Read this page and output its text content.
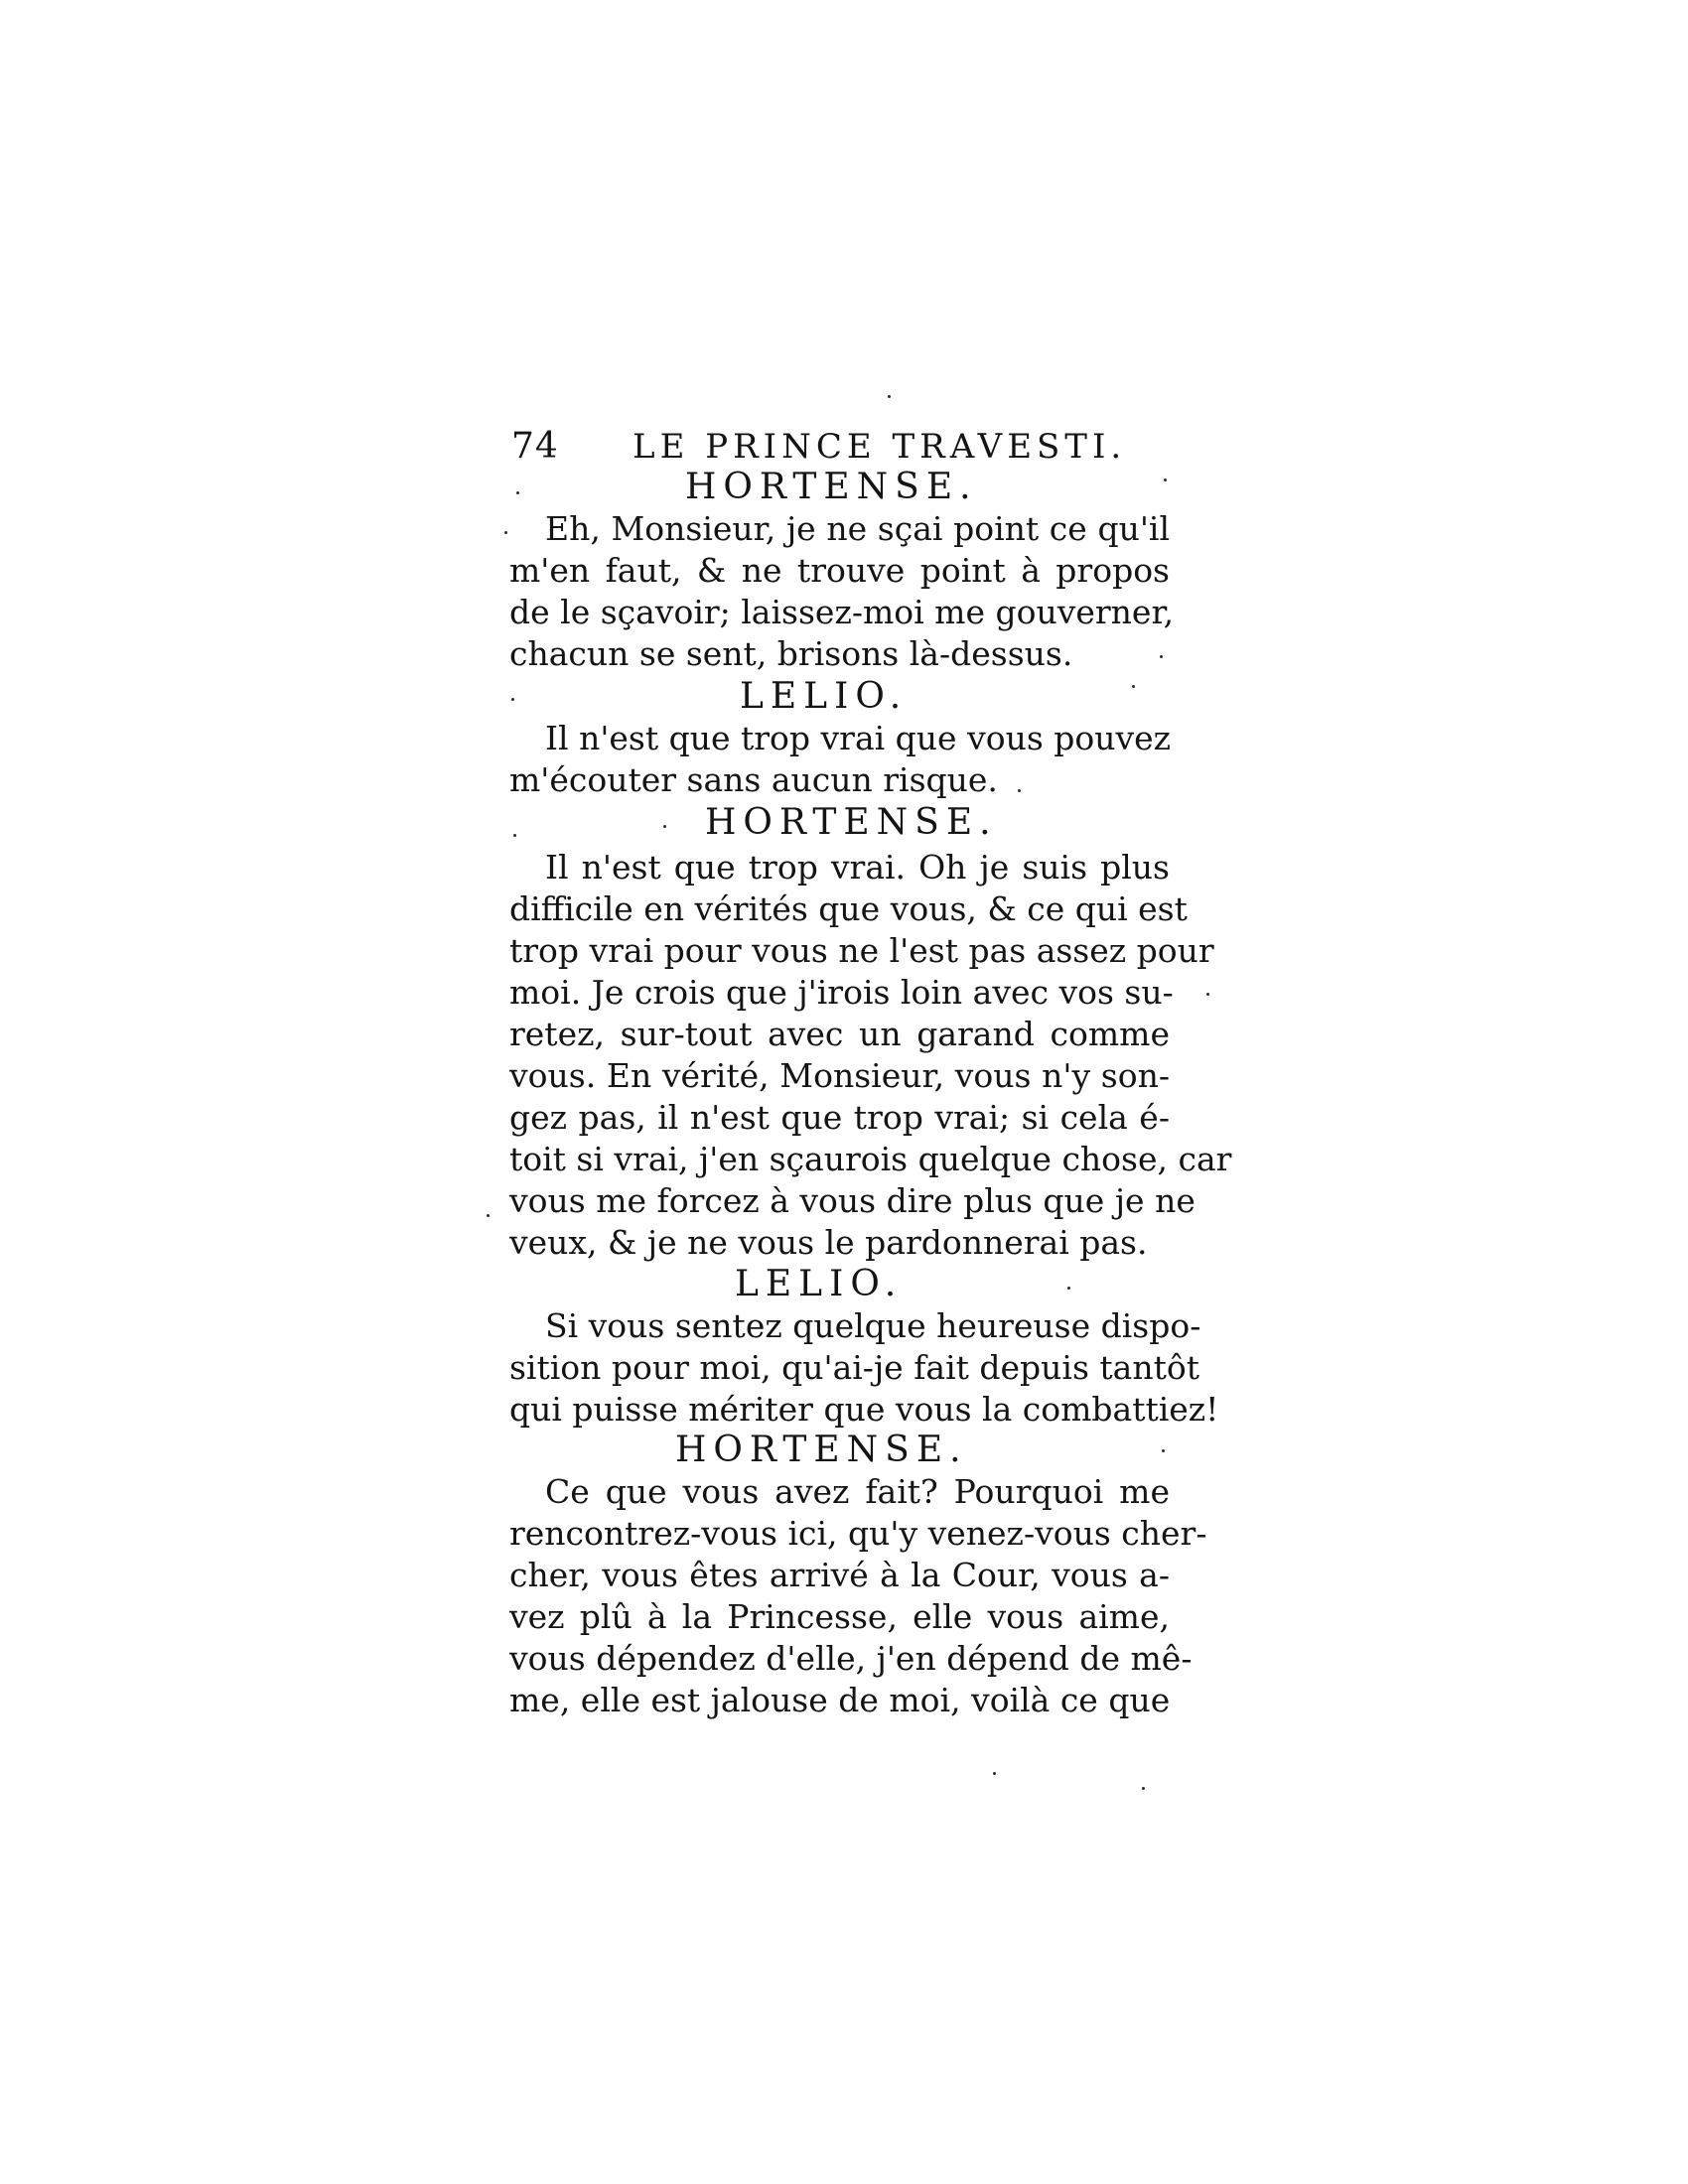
74 LE PRINCE TRAVESTI.
HORTENSE.
Eh, Monsieur, je ne sçai point ce qu'il
m'en faut, & ne trouve point à propos
de le sçavoir; laissez-moi me gouverner,
chacun se sent, brisons là-dessus.
LELIO.
Il n'est que trop vrai que vous pouvez
m'écouter sans aucun risque.
HORTENSE.
Il n'est que trop vrai. Oh je suis plus
difficile en vérités que vous, & ce qui est
trop vrai pour vous ne l'est pas assez pour
moi. Je crois que j'irois loin avec vos su-
retez, sur-tout avec un garand comme
vous. En vérité, Monsieur, vous n'y son-
gez pas, il n'est que trop vrai; si cela é-
toit si vrai, j'en sçaurois quelque chose, car
vous me forcez à vous dire plus que je ne
veux, & je ne vous le pardonnerai pas.
LELIO.
Si vous sentez quelque heureuse dispo-
sition pour moi, qu'ai-je fait depuis tantôt
qui puisse mériter que vous la combattiez!
HORTENSE.
Ce que vous avez fait? Pourquoi me
rencontrez-vous ici, qu'y venez-vous cher-
cher, vous êtes arrivé à la Cour, vous a-
vez plû à la Princesse, elle vous aime,
vous dépendez d'elle, j'en dépend de mê-
me, elle est jalouse de moi, voilà ce que
